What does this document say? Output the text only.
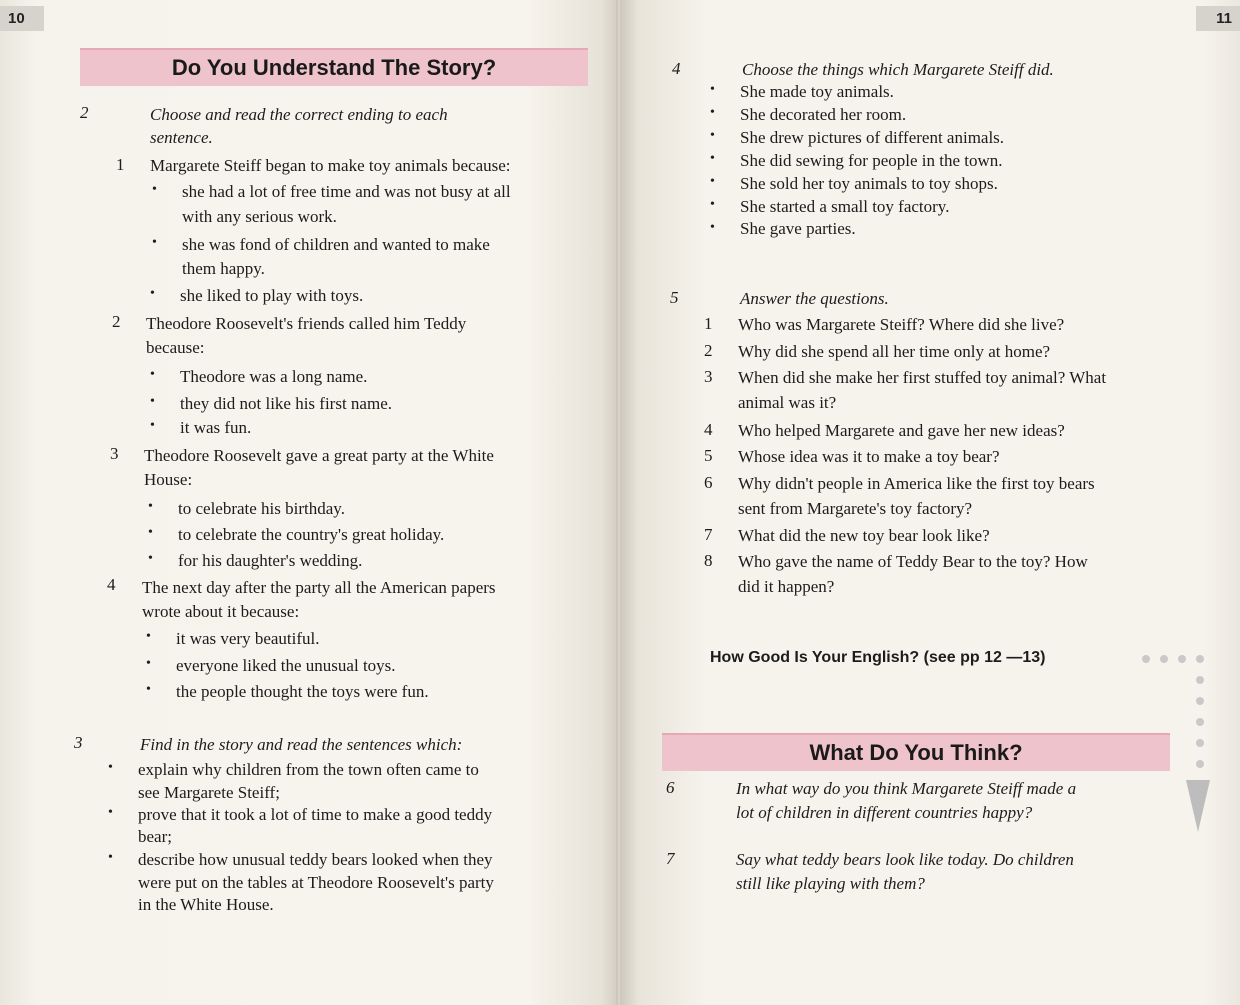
10
Do You Understand The Story?
2	Choose and read the correct ending to each
sentence.
1 Margarete Steiff began to make toy animals because:
• she had a lot of free time and was not busy at all
with any serious work.
• she was fond of children and wanted to make
them happy.
• she liked to play with toys.
2 Theodore Roosevelt's friends called him Teddy
because:
• Theodore was a long name.
• they did not like his first name.
• it was fun.
3 Theodore Roosevelt gave a great party at the White
House:
• to celebrate his birthday.
• to celebrate the country's great holiday.
• for his daughter's wedding.
4 The next day after the party all the American papers
wrote about it because:
• it was very beautiful.
• everyone liked the unusual toys.
• the people thought the toys were fun.
3	Find in the story and read the sentences which:
• explain why children from the town often came to
see Margarete Steiff;
• prove that it took a lot of time to make a good teddy
bear;
• describe how unusual teddy bears looked when they
were put on the tables at Theodore Roosevelt's party
in the White House.
11
4	Choose the things which Margarete Steiff did.
• She made toy animals.
• She decorated her room.
• She drew pictures of different animals.
• She did sewing for people in the town.
• She sold her toy animals to toy shops.
• She started a small toy factory.
• She gave parties.
5	Answer the questions.
1 Who was Margarete Steiff? Where did she live?
2 Why did she spend all her time only at home?
3 When did she make her first stuffed toy animal? What
animal was it?
4 Who helped Margarete and gave her new ideas?
5 Whose idea was it to make a toy bear?
6 Why didn't people in America like the first toy bears
sent from Margarete's toy factory?
7 What did the new toy bear look like?
8 Who gave the name of Teddy Bear to the toy? How
did it happen?
How Good Is Your English? (see pp 12 —13)
What Do You Think?
6	In what way do you think Margarete Steiff made a
lot of children in different countries happy?
7	Say what teddy bears look like today. Do children
still like playing with them?
